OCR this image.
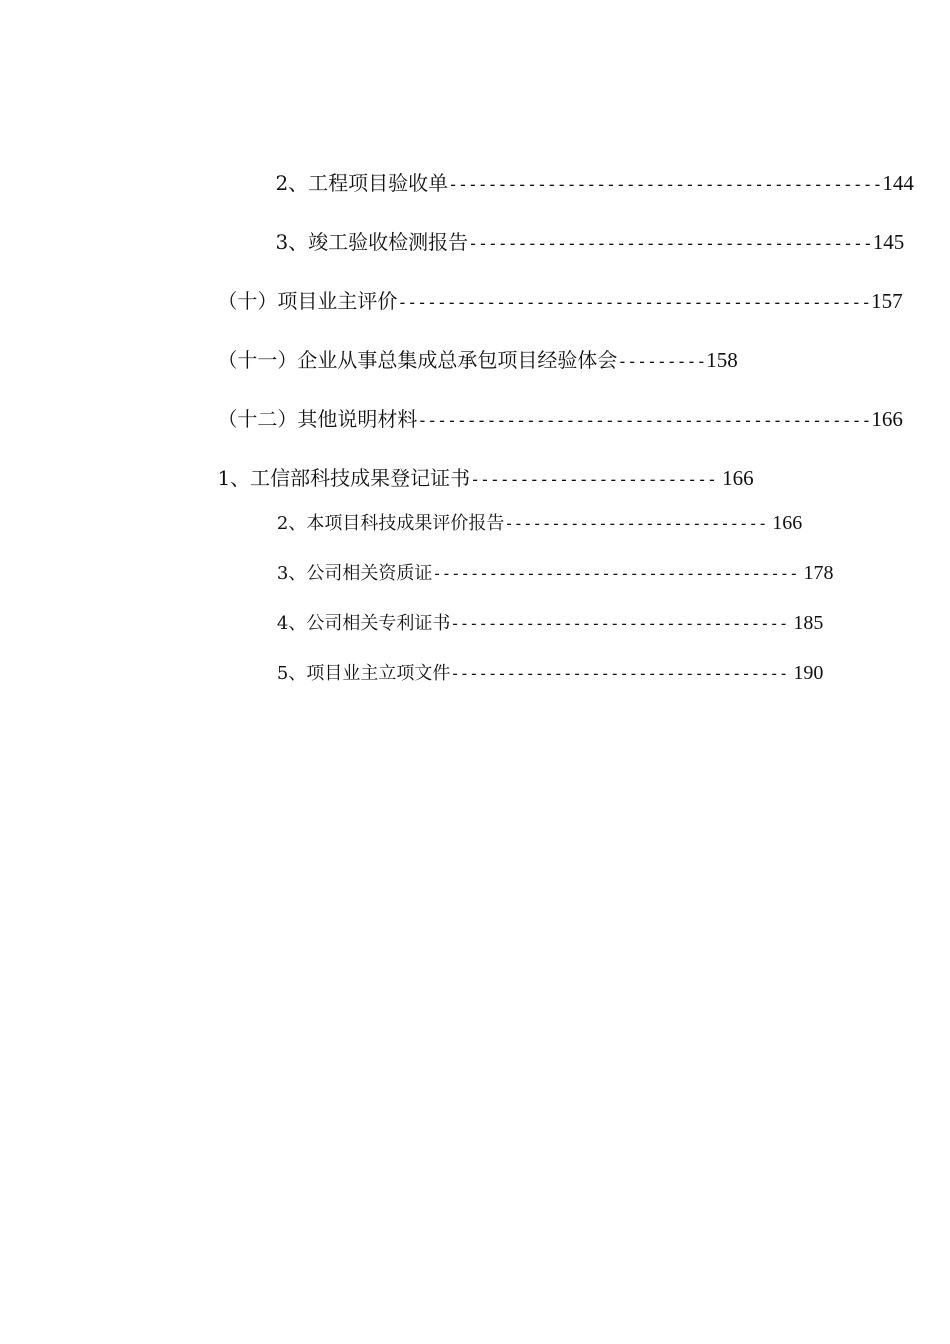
2、工程项目验收单--------------------------------------------144

3、竣工验收检测报告-----------------------------------------145

（十）项目业主评价------------------------------------------------157

（十一）企业从事总集成总承包项目经验体会---------158

（十二）其他说明材料----------------------------------------------166

1、工信部科技成果登记证书------------------------- 166

2、本项目科技成果评价报告---------------------------- 166

3、公司相关资质证--------------------------------------- 178

4、公司相关专利证书------------------------------------ 185

5、项目业主立项文件------------------------------------ 190
